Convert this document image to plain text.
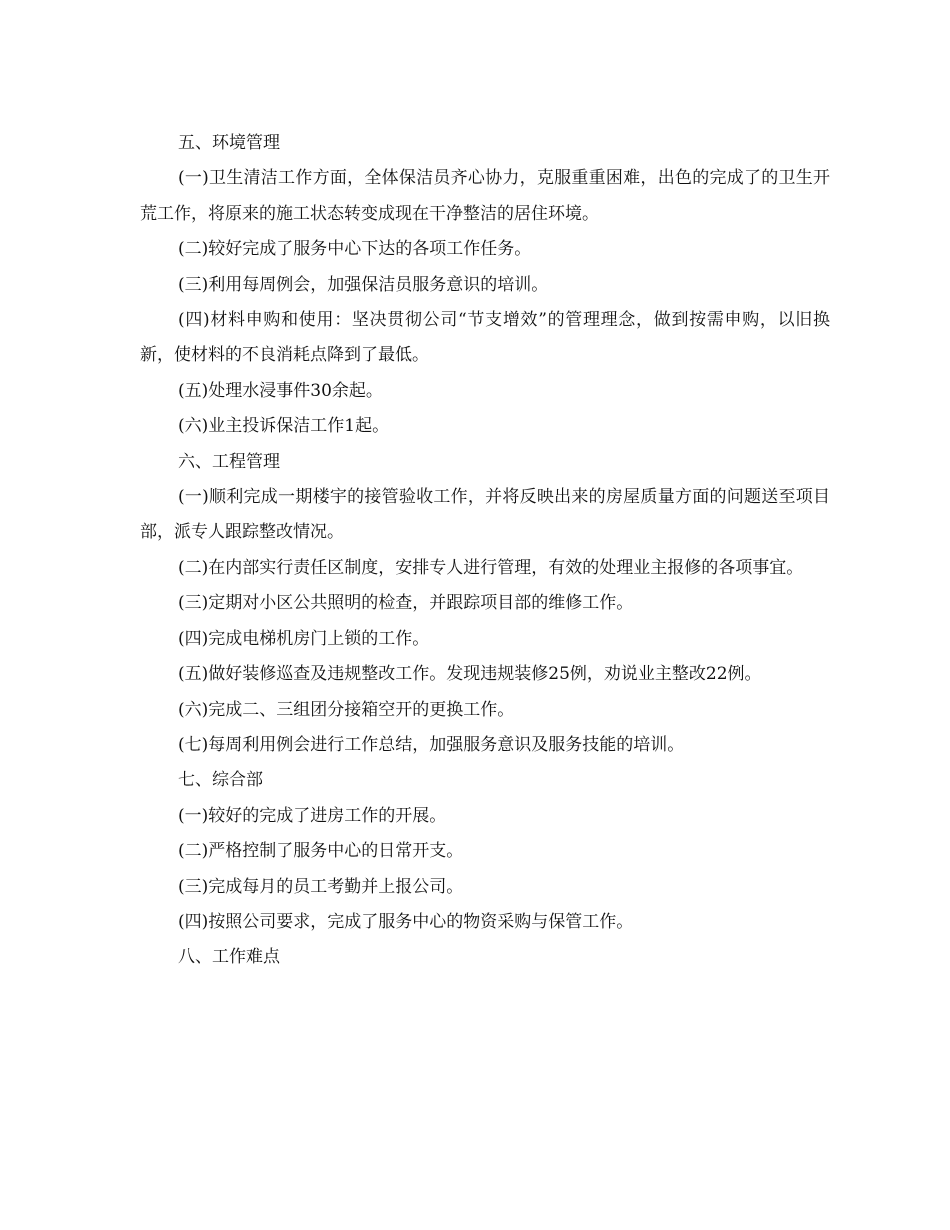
五、环境管理

(一)卫生清洁工作方面，全体保洁员齐心协力，克服重重困难，出色的完成了的卫生开荒工作，将原来的施工状态转变成现在干净整洁的居住环境。

(二)较好完成了服务中心下达的各项工作任务。

(三)利用每周例会，加强保洁员服务意识的培训。

(四)材料申购和使用：坚决贯彻公司“节支增效”的管理理念，做到按需申购，以旧换新，使材料的不良消耗点降到了最低。

(五)处理水浸事件30余起。

(六)业主投诉保洁工作1起。

六、工程管理

(一)顺利完成一期楼宇的接管验收工作，并将反映出来的房屋质量方面的问题送至项目部，派专人跟踪整改情况。

(二)在内部实行责任区制度，安排专人进行管理，有效的处理业主报修的各项事宜。

(三)定期对小区公共照明的检查，并跟踪项目部的维修工作。

(四)完成电梯机房门上锁的工作。

(五)做好装修巡查及违规整改工作。发现违规装修25例，劝说业主整改22例。

(六)完成二、三组团分接箱空开的更换工作。

(七)每周利用例会进行工作总结，加强服务意识及服务技能的培训。

七、综合部

(一)较好的完成了进房工作的开展。

(二)严格控制了服务中心的日常开支。

(三)完成每月的员工考勤并上报公司。

(四)按照公司要求，完成了服务中心的物资采购与保管工作。

八、工作难点
